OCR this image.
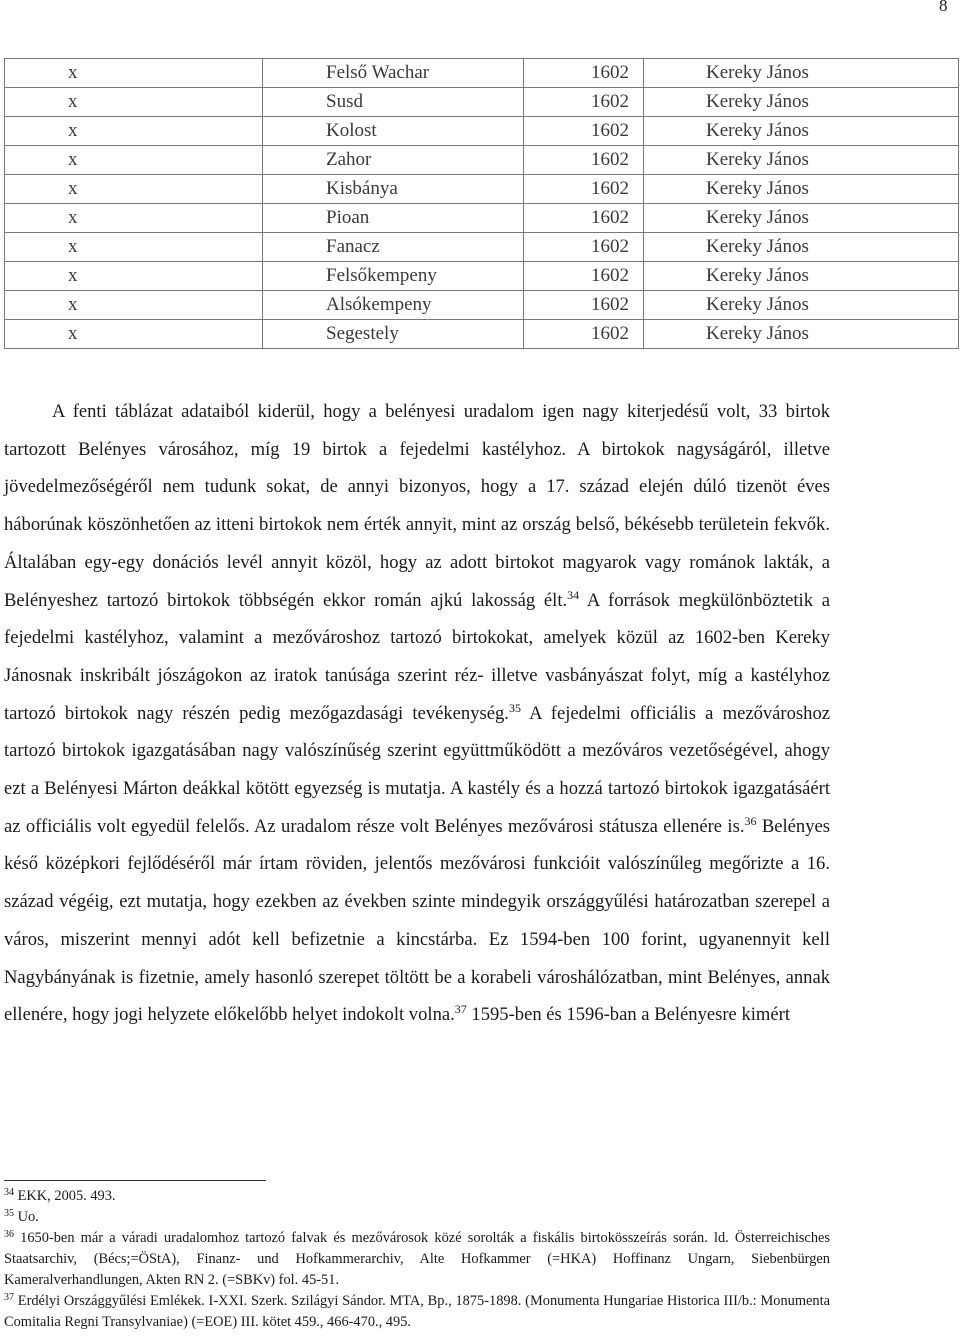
8
x	Felső Wachar	1602	Kereky János
x	Susd	1602	Kereky János
x	Kolost	1602	Kereky János
x	Zahor	1602	Kereky János
x	Kisbánya	1602	Kereky János
x	Pioan	1602	Kereky János
x	Fanacz	1602	Kereky János
x	Felsőkempeny	1602	Kereky János
x	Alsókempeny	1602	Kereky János
x	Segestely	1602	Kereky János

A fenti táblázat adataiból kiderül, hogy a belényesi uradalom igen nagy kiterjedésű volt, 33 birtok tartozott Belényes városához, míg 19 birtok a fejedelmi kastélyhoz. A birtokok nagyságáról, illetve jövedelmezőségéről nem tudunk sokat, de annyi bizonyos, hogy a 17. század elején dúló tizenöt éves háborúnak köszönhetően az itteni birtokok nem érték annyit, mint az ország belső, békésebb területein fekvők. Általában egy-egy donációs levél annyit közöl, hogy az adott birtokot magyarok vagy románok lakták, a Belényeshez tartozó birtokok többségén ekkor román ajkú lakosság élt.$^{34}$ A források megkülönböztetik a fejedelmi kastélyhoz, valamint a mezővároshoz tartozó birtokokat, amelyek közül az 1602-ben Kereky Jánosnak inskribált jószágokon az iratok tanúsága szerint réz- illetve vasbányászat folyt, míg a kastélyhoz tartozó birtokok nagy részén pedig mezőgazdasági tevékenység.$^{35}$ A fejedelmi officiális a mezővároshoz tartozó birtokok igazgatásában nagy valószínűség szerint együttműködött a mezőváros vezetőségével, ahogy ezt a Belényesi Márton deákkal kötött egyezség is mutatja. A kastély és a hozzá tartozó birtokok igazgatásáért az officiális volt egyedül felelős. Az uradalom része volt Belényes mezővárosi státusza ellenére is.$^{36}$ Belényes késő középkori fejlődéséről már írtam röviden, jelentős mezővárosi funkcióit valószínűleg megőrizte a 16. század végéig, ezt mutatja, hogy ezekben az években szinte mindegyik országgyűlési határozatban szerepel a város, miszerint mennyi adót kell befizetnie a kincstárba. Ez 1594-ben 100 forint, ugyanennyit kell Nagybányának is fizetnie, amely hasonló szerepet töltött be a korabeli városhálózatban, mint Belényes, annak ellenére, hogy jogi helyzete előkelőbb helyet indokolt volna.$^{37}$ 1595-ben és 1596-ban a Belényesre kimért

$^{34}$ EKK, 2005. 493.

$^{35}$ Uo.

$^{36}$ 1650-ben már a váradi uradalomhoz tartozó falvak és mezővárosok közé sorolták a fiskális birtokösszeírás során. ld. Österreichisches Staatsarchiv, (Bécs;=ÖStA), Finanz- und Hofkammerarchiv, Alte Hofkammer (=HKA) Hoffinanz Ungarn, Siebenbürgen Kameralverhandlungen, Akten RN 2. (=SBKv) fol. 45-51.

$^{37}$ Erdélyi Országgyűlési Emlékek. I-XXI. Szerk. Szilágyi Sándor. MTA, Bp., 1875-1898. (Monumenta Hungariae Historica III/b.: Monumenta Comitalia Regni Transylvaniae) (=EOE) III. kötet 459., 466-470., 495.
